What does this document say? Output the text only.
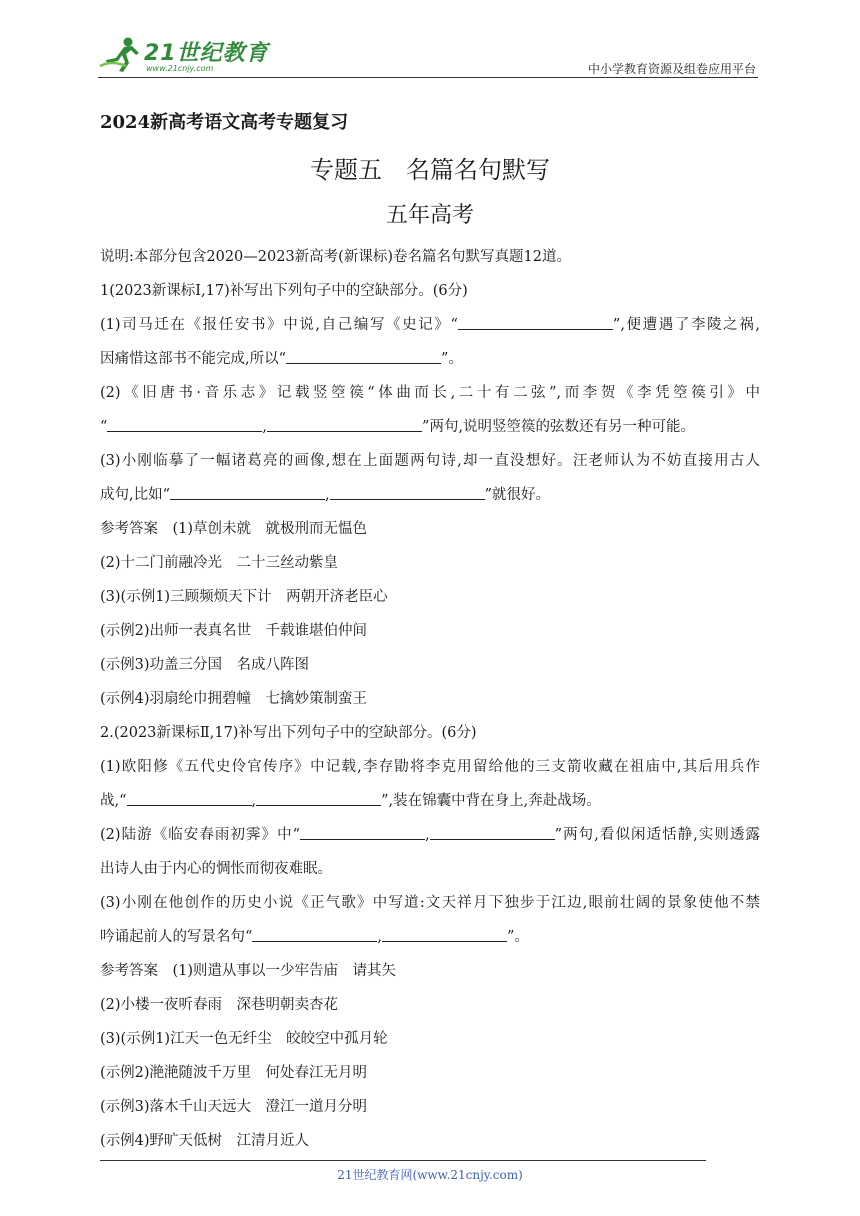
21世纪教育
www.21cnjy.com	中小学教育资源及组卷应用平台
2024新高考语文高考专题复习
专题五　名篇名句默写
五年高考

说明:本部分包含2020—2023新高考(新课标)卷名篇名句默写真题12道。

1(2023新课标Ⅰ,17)补写出下列句子中的空缺部分。(6分)

(1)司马迁在《报任安书》中说,自己编写《史记》“	”,便遭遇了李陵之祸,

因痛惜这部书不能完成,所以“	”。

(2)《旧唐书·音乐志》记载竖箜篌“体曲而长,二十有二弦”,而李贺《李凭箜篌引》中

“	,	”两句,说明竖箜篌的弦数还有另一种可能。

(3)小刚临摹了一幅诸葛亮的画像,想在上面题两句诗,却一直没想好。汪老师认为不妨直接用古人

成句,比如“	,	”就很好。

参考答案　(1)草创未就　就极刑而无愠色

(2)十二门前融冷光　二十三丝动紫皇

(3)(示例1)三顾频烦天下计　两朝开济老臣心

(示例2)出师一表真名世　千载谁堪伯仲间

(示例3)功盖三分国　名成八阵图

(示例4)羽扇纶巾拥碧幢　七擒妙策制蛮王

2.(2023新课标Ⅱ,17)补写出下列句子中的空缺部分。(6分)

(1)欧阳修《五代史伶官传序》中记载,李存勖将李克用留给他的三支箭收藏在祖庙中,其后用兵作

战,“	,	”,装在锦囊中背在身上,奔赴战场。

(2)陆游《临安春雨初霁》中“	,	”两句,看似闲适恬静,实则透露

出诗人由于内心的惆怅而彻夜难眠。

(3)小刚在他创作的历史小说《正气歌》中写道:文天祥月下独步于江边,眼前壮阔的景象使他不禁

吟诵起前人的写景名句“	,	”。

参考答案　(1)则遣从事以一少牢告庙　请其矢

(2)小楼一夜听春雨　深巷明朝卖杏花

(3)(示例1)江天一色无纤尘　皎皎空中孤月轮

(示例2)滟滟随波千万里　何处春江无月明

(示例3)落木千山天远大　澄江一道月分明

(示例4)野旷天低树　江清月近人

21世纪教育网(www.21cnjy.com)
